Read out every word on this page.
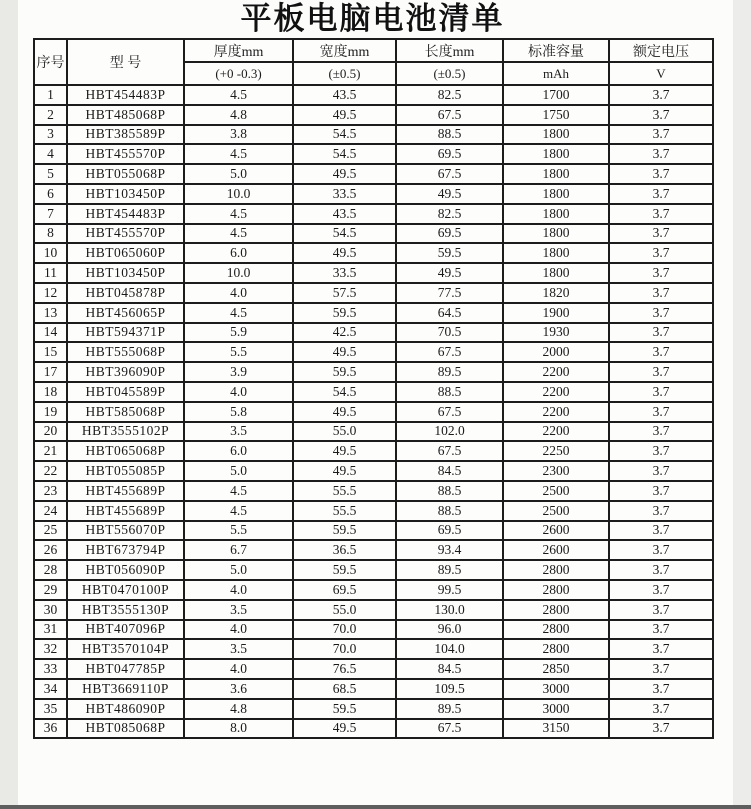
平板电脑电池清单
序号	型 号	厚度mm	宽度mm	长度mm	标准容量	额定电压
		(+0 -0.3)	(±0.5)	(±0.5)	mAh	V
1	HBT454483P	4.5	43.5	82.5	1700	3.7
2	HBT485068P	4.8	49.5	67.5	1750	3.7
3	HBT385589P	3.8	54.5	88.5	1800	3.7
4	HBT455570P	4.5	54.5	69.5	1800	3.7
5	HBT055068P	5.0	49.5	67.5	1800	3.7
6	HBT103450P	10.0	33.5	49.5	1800	3.7
7	HBT454483P	4.5	43.5	82.5	1800	3.7
8	HBT455570P	4.5	54.5	69.5	1800	3.7
10	HBT065060P	6.0	49.5	59.5	1800	3.7
11	HBT103450P	10.0	33.5	49.5	1800	3.7
12	HBT045878P	4.0	57.5	77.5	1820	3.7
13	HBT456065P	4.5	59.5	64.5	1900	3.7
14	HBT594371P	5.9	42.5	70.5	1930	3.7
15	HBT555068P	5.5	49.5	67.5	2000	3.7
17	HBT396090P	3.9	59.5	89.5	2200	3.7
18	HBT045589P	4.0	54.5	88.5	2200	3.7
19	HBT585068P	5.8	49.5	67.5	2200	3.7
20	HBT3555102P	3.5	55.0	102.0	2200	3.7
21	HBT065068P	6.0	49.5	67.5	2250	3.7
22	HBT055085P	5.0	49.5	84.5	2300	3.7
23	HBT455689P	4.5	55.5	88.5	2500	3.7
24	HBT455689P	4.5	55.5	88.5	2500	3.7
25	HBT556070P	5.5	59.5	69.5	2600	3.7
26	HBT673794P	6.7	36.5	93.4	2600	3.7
28	HBT056090P	5.0	59.5	89.5	2800	3.7
29	HBT0470100P	4.0	69.5	99.5	2800	3.7
30	HBT3555130P	3.5	55.0	130.0	2800	3.7
31	HBT407096P	4.0	70.0	96.0	2800	3.7
32	HBT3570104P	3.5	70.0	104.0	2800	3.7
33	HBT047785P	4.0	76.5	84.5	2850	3.7
34	HBT3669110P	3.6	68.5	109.5	3000	3.7
35	HBT486090P	4.8	59.5	89.5	3000	3.7
36	HBT085068P	8.0	49.5	67.5	3150	3.7
